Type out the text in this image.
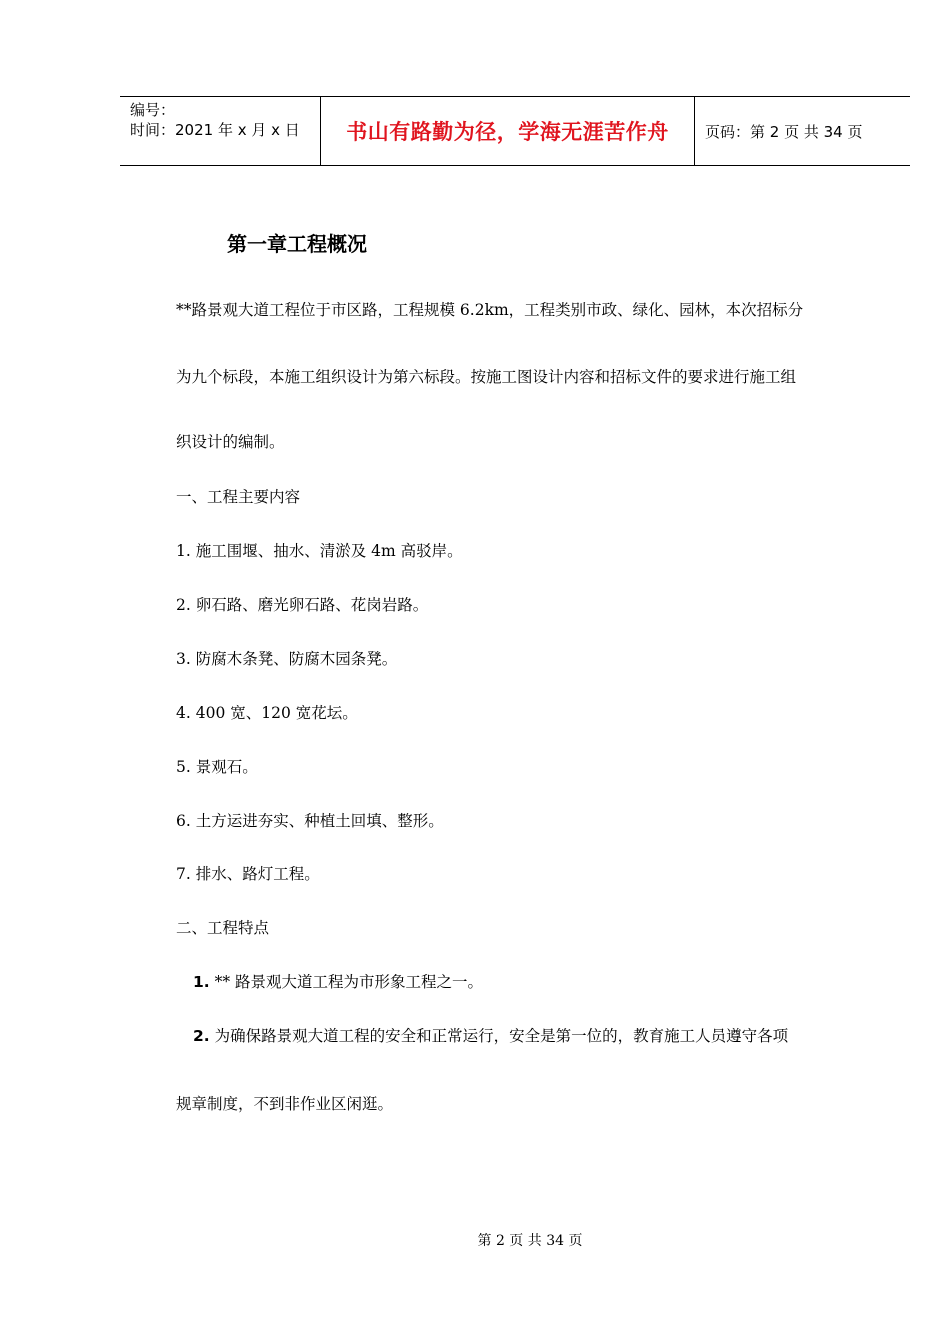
编号：
时间：2021 年 x 月 x 日 书山有路勤为径，学海无涯苦作舟 页码：第 2 页 共 34 页
第一章工程概况
**路景观大道工程位于市区路，工程规模 6.2km，工程类别市政、绿化、园林，本次招标分
为九个标段，本施工组织设计为第六标段。按施工图设计内容和招标文件的要求进行施工组
织设计的编制。
一、工程主要内容
1. 施工围堰、抽水、清淤及 4m 高驳岸。
2. 卵石路、磨光卵石路、花岗岩路。
3. 防腐木条凳、防腐木园条凳。
4. 400 宽、120 宽花坛。
5. 景观石。
6. 土方运进夯实、种植土回填、整形。
7. 排水、路灯工程。
二、工程特点
1. ** 路景观大道工程为市形象工程之一。
2. 为确保路景观大道工程的安全和正常运行，安全是第一位的，教育施工人员遵守各项
规章制度，不到非作业区闲逛。
第 2 页 共 34 页
